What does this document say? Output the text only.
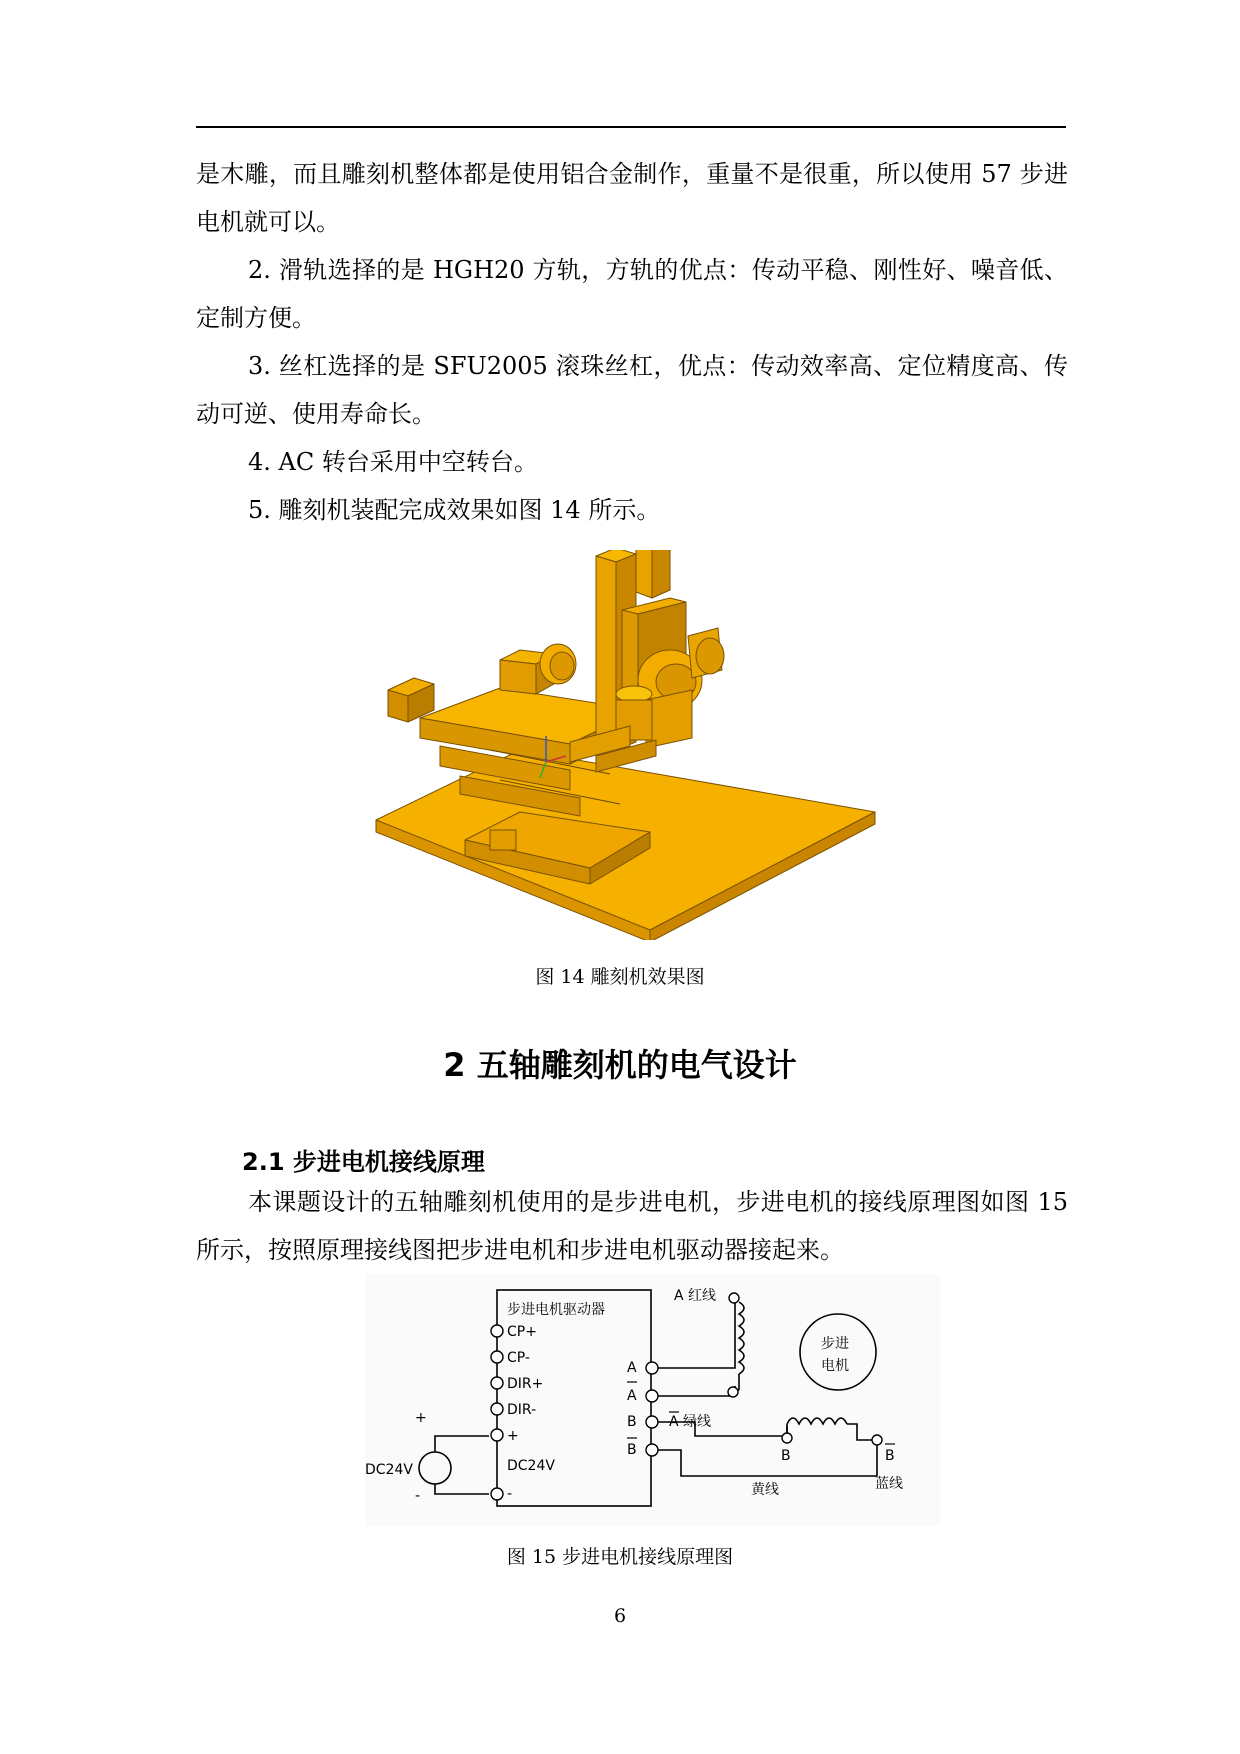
是木雕，而且雕刻机整体都是使用铝合金制作，重量不是很重，所以使用 57 步进电机就可以。
2. 滑轨选择的是 HGH20 方轨，方轨的优点：传动平稳、刚性好、噪音低、定制方便。
3. 丝杠选择的是 SFU2005 滚珠丝杠，优点：传动效率高、定位精度高、传动可逆、使用寿命长。
4. AC 转台采用中空转台。
5. 雕刻机装配完成效果如图 14 所示。
图 14 雕刻机效果图
2 五轴雕刻机的电气设计
2.1 步进电机接线原理
本课题设计的五轴雕刻机使用的是步进电机，步进电机的接线原理图如图 15 所示，按照原理接线图把步进电机和步进电机驱动器接起来。
步进电机驱动器
CP+
CP-
DIR+
DIR-
+
DC24V
-
+
DC24V
-
A
A
B
B
A 红线
A 绿线
步进
电机
B	B
黄线	蓝线
图 15 步进电机接线原理图
6
